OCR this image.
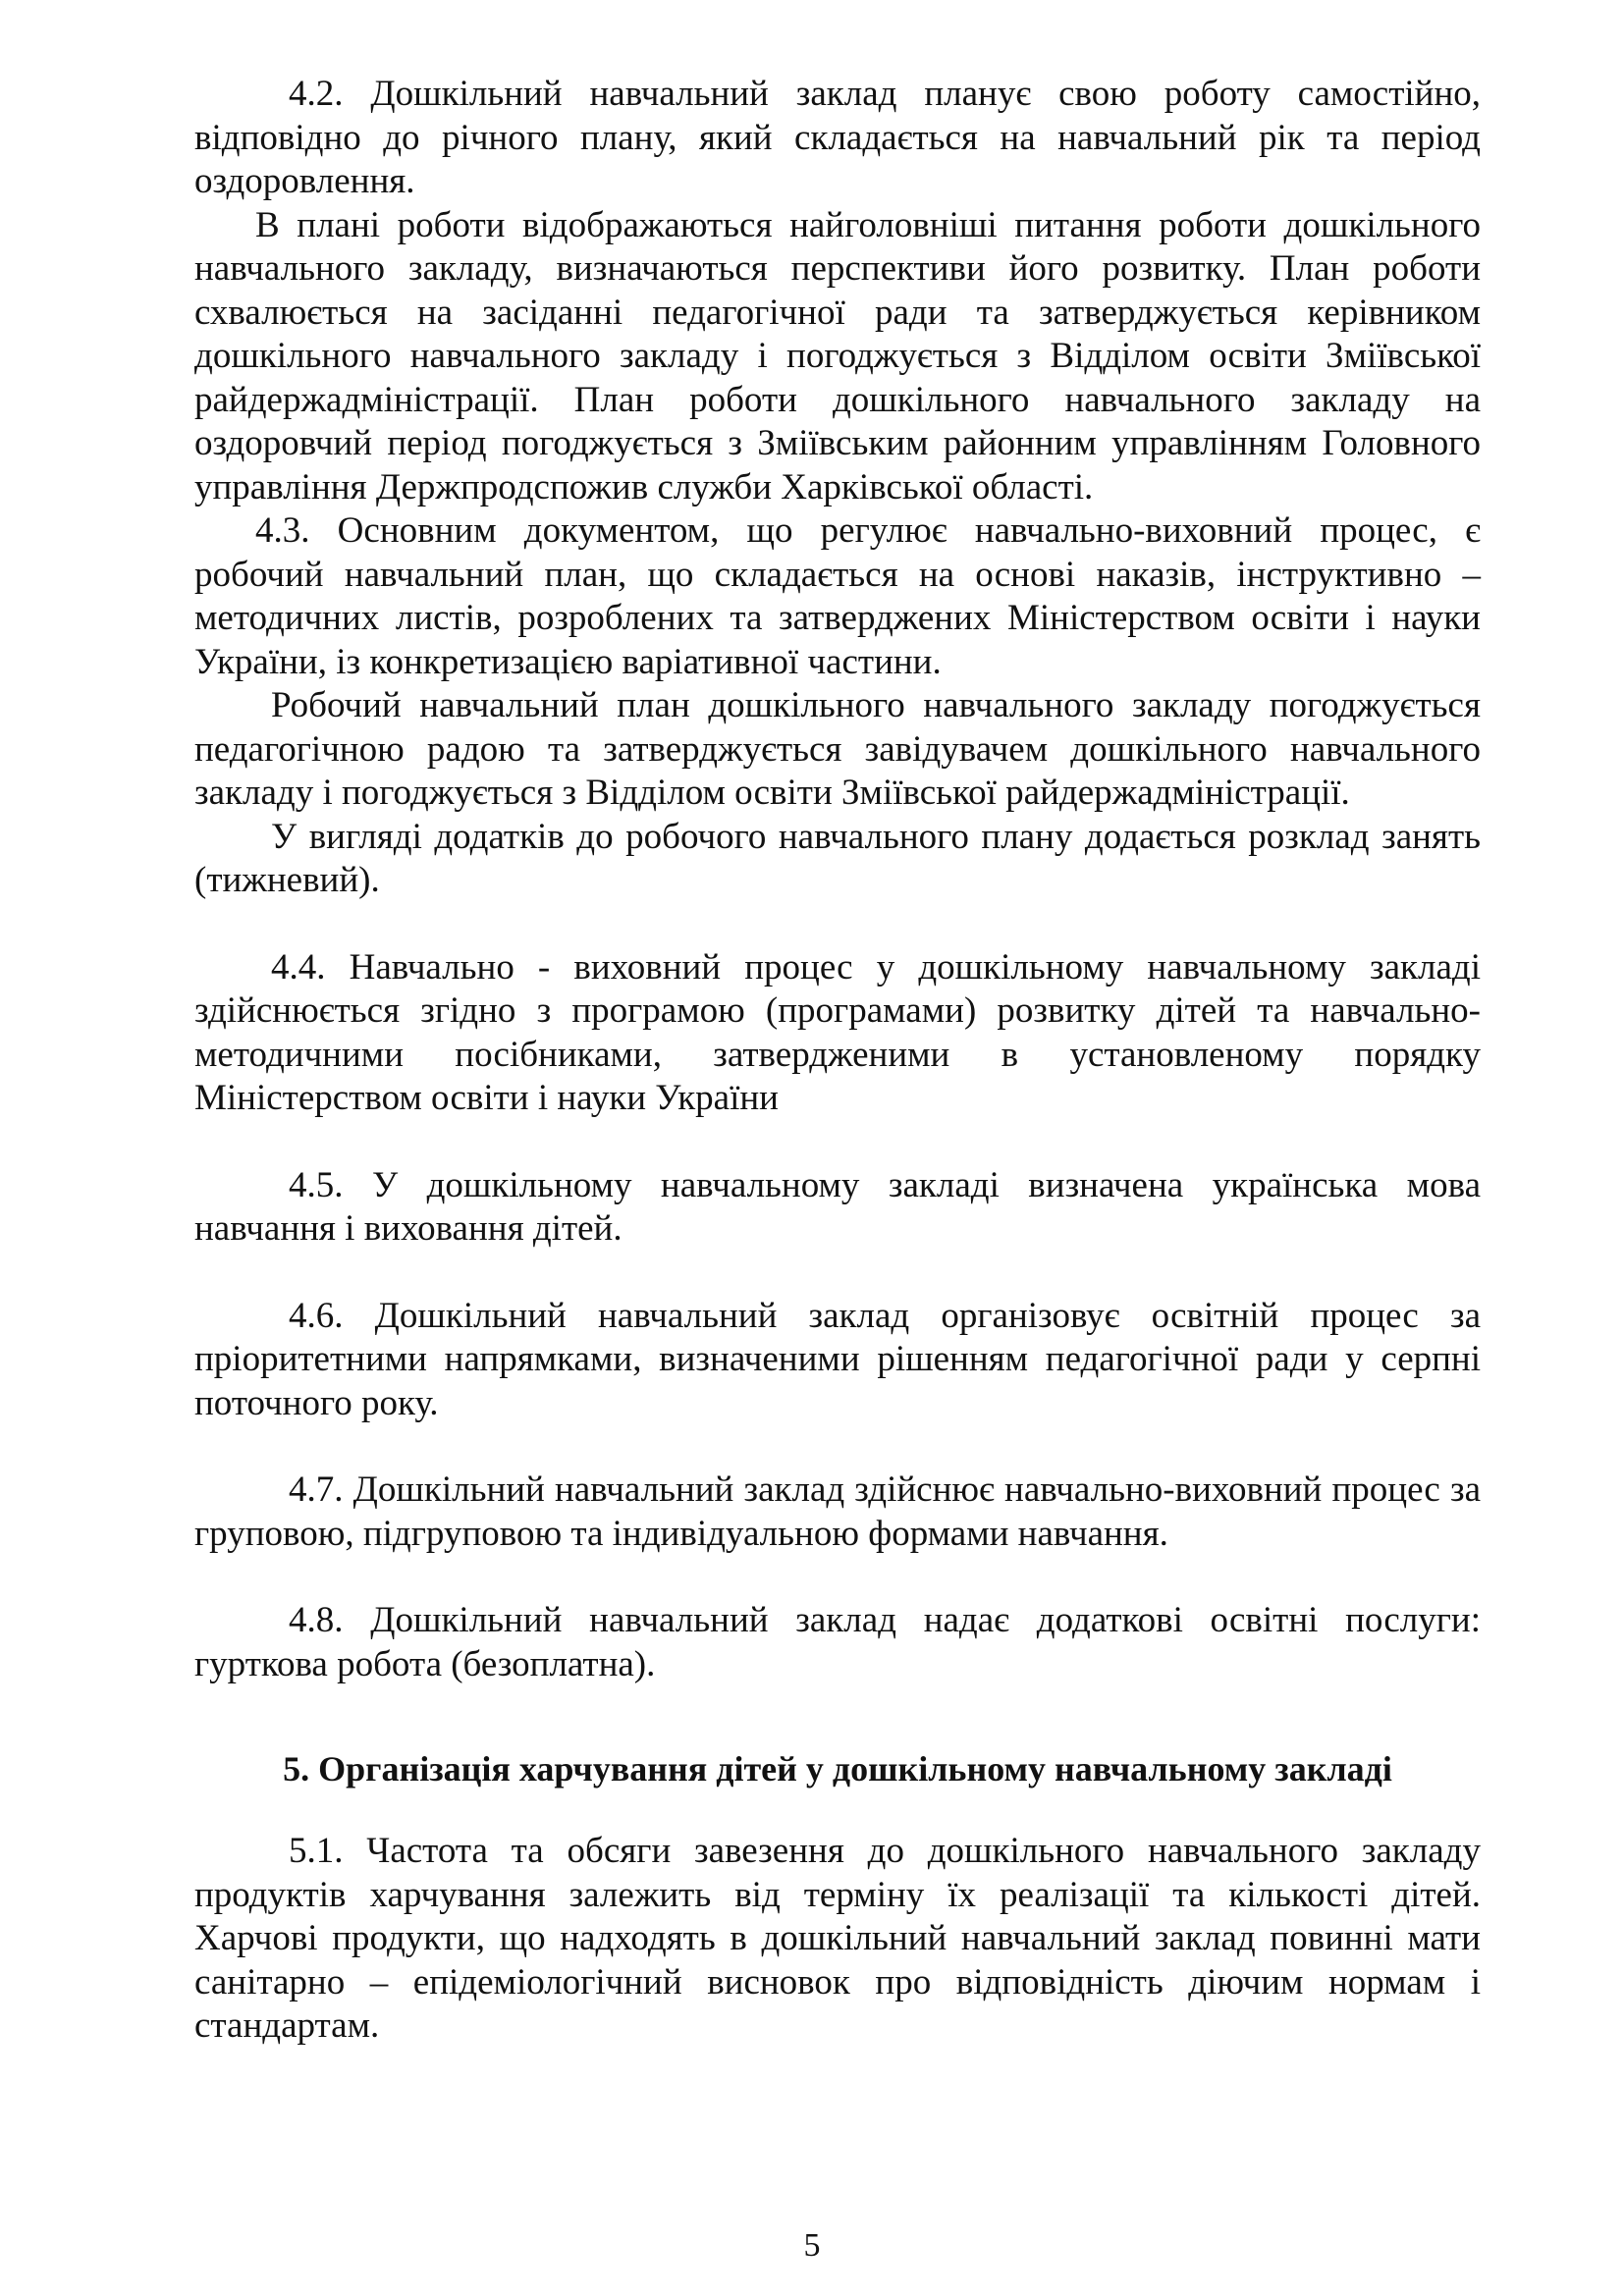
4.2. Дошкільний навчальний заклад планує свою роботу самостійно, відповідно до річного плану, який складається на навчальний рік та період оздоровлення.

В плані роботи відображаються найголовніші питання роботи дошкільного навчального закладу, визначаються перспективи його розвитку. План роботи схвалюється на засіданні педагогічної ради та затверджується керівником дошкільного навчального закладу і погоджується з Відділом освіти Зміївської райдержадміністрації. План роботи дошкільного навчального закладу на оздоровчий період погоджується з Зміївським районним управлінням Головного управління Держпродспожив служби Харківської області.

4.3. Основним документом, що регулює навчально-виховний процес, є робочий навчальний план, що складається на основі наказів, інструктивно – методичних листів, розроблених та затверджених Міністерством освіти і науки України, із конкретизацією варіативної частини.

Робочий навчальний план дошкільного навчального закладу погоджується педагогічною радою та затверджується завідувачем дошкільного навчального закладу і погоджується з Відділом освіти Зміївської райдержадміністрації.

У вигляді додатків до робочого навчального плану додається розклад занять (тижневий).

4.4. Навчально - виховний процес у дошкільному навчальному закладі здійснюється згідно з програмою (програмами) розвитку дітей та навчально-методичними посібниками, затвердженими в установленому порядку Міністерством освіти і науки України

4.5. У дошкільному навчальному закладі визначена українська мова навчання і виховання дітей.

4.6. Дошкільний навчальний заклад організовує освітній процес за пріоритетними напрямками, визначеними рішенням педагогічної ради у серпні поточного року.

4.7. Дошкільний навчальний заклад здійснює навчально-виховний процес за груповою, підгруповою та індивідуальною формами навчання.

4.8. Дошкільний навчальний заклад надає додаткові освітні послуги: гурткова робота (безоплатна).

5. Організація харчування дітей у дошкільному навчальному закладі

5.1. Частота та обсяги завезення до дошкільного навчального закладу продуктів харчування залежить від терміну їх реалізації та кількості дітей. Харчові продукти, що надходять в дошкільний навчальний заклад повинні мати санітарно – епідеміологічний висновок про відповідність діючим нормам і стандартам.

5
